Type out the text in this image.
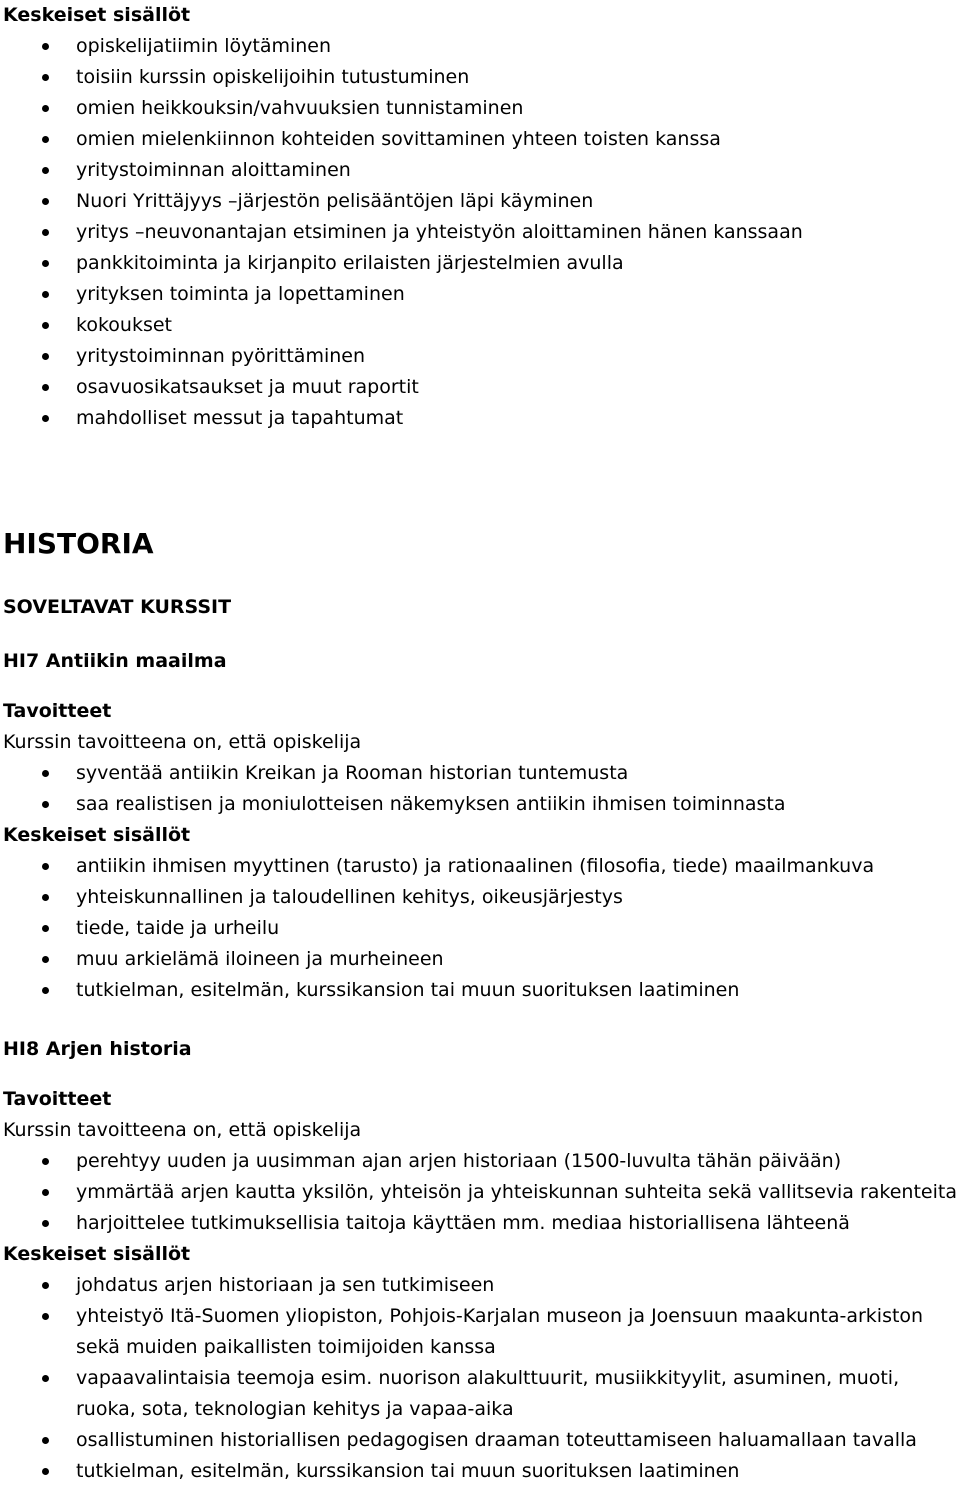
Keskeiset sisällöt

opiskelijatiimin löytäminen
toisiin kurssin opiskelijoihin tutustuminen
omien heikkouksin/vahvuuksien tunnistaminen
omien mielenkiinnon kohteiden sovittaminen yhteen toisten kanssa
yritystoiminnan aloittaminen
Nuori Yrittäjyys –järjestön pelisääntöjen läpi käyminen
yritys –neuvonantajan etsiminen ja yhteistyön aloittaminen hänen kanssaan
pankkitoiminta ja kirjanpito erilaisten järjestelmien avulla
yrityksen toiminta ja lopettaminen
kokoukset
yritystoiminnan pyörittäminen
osavuosikatsaukset ja muut raportit
mahdolliset messut ja tapahtumat

HISTORIA

SOVELTAVAT KURSSIT

HI7 Antiikin maailma

Tavoitteet

Kurssin tavoitteena on, että opiskelija

syventää antiikin Kreikan ja Rooman historian tuntemusta
saa realistisen ja moniulotteisen näkemyksen antiikin ihmisen toiminnasta

Keskeiset sisällöt

antiikin ihmisen myyttinen (tarusto) ja rationaalinen (filosofia, tiede) maailmankuva
yhteiskunnallinen ja taloudellinen kehitys, oikeusjärjestys
tiede, taide ja urheilu
muu arkielämä iloineen ja murheineen
tutkielman, esitelmän, kurssikansion tai muun suorituksen laatiminen

HI8 Arjen historia

Tavoitteet

Kurssin tavoitteena on, että opiskelija

perehtyy uuden ja uusimman ajan arjen historiaan (1500-luvulta tähän päivään)
ymmärtää arjen kautta yksilön, yhteisön ja yhteiskunnan suhteita sekä vallitsevia rakenteita
harjoittelee tutkimuksellisia taitoja käyttäen mm. mediaa historiallisena lähteenä

Keskeiset sisällöt

johdatus arjen historiaan ja sen tutkimiseen
yhteistyö Itä-Suomen yliopiston, Pohjois-Karjalan museon ja Joensuun maakunta-arkiston sekä muiden paikallisten toimijoiden kanssa
vapaavalintaisia teemoja esim. nuorison alakulttuurit, musiikkityylit, asuminen, muoti, ruoka, sota, teknologian kehitys ja vapaa-aika
osallistuminen historiallisen pedagogisen draaman toteuttamiseen haluamallaan tavalla
tutkielman, esitelmän, kurssikansion tai muun suorituksen laatiminen
